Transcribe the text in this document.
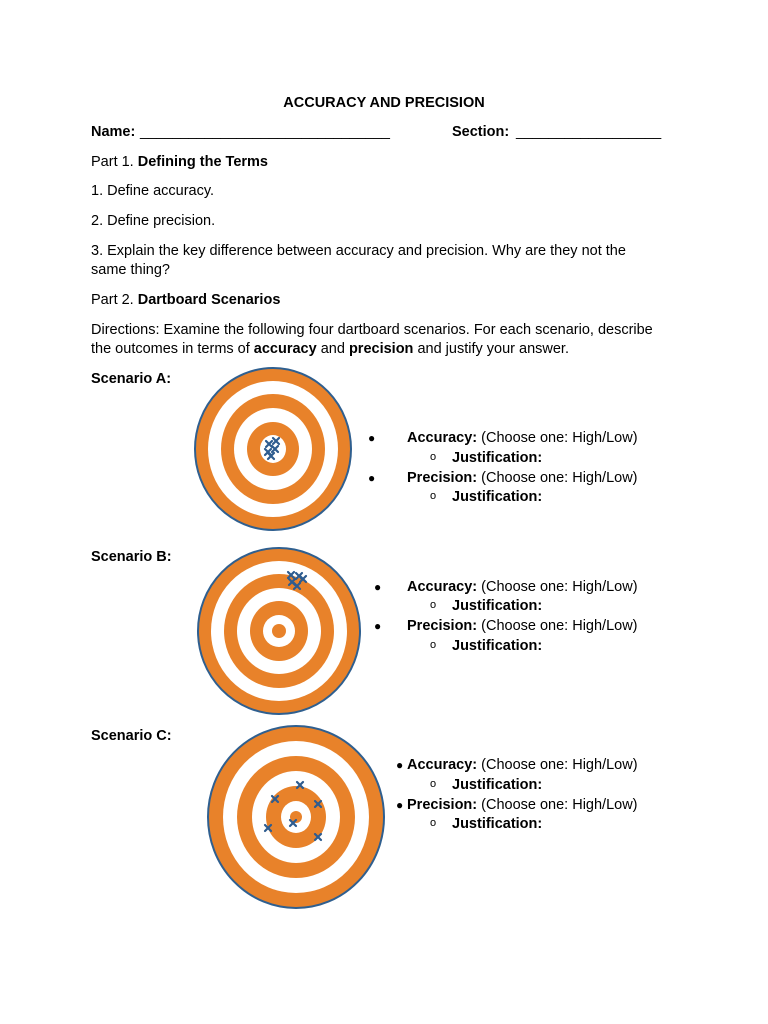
ACCURACY AND PRECISION
Name: _______________________________	Section: __________________
Part 1. Defining the Terms
1. Define accuracy.
2. Define precision.
3. Explain the key difference between accuracy and precision. Why are they not the
same thing?
Part 2. Dartboard Scenarios
Directions: Examine the following four dartboard scenarios. For each scenario, describe
the outcomes in terms of accuracy and precision and justify your answer.
Scenario A:
● Accuracy: (Choose one: High/Low)
o Justification:
● Precision: (Choose one: High/Low)
o Justification:
Scenario B:
● Accuracy: (Choose one: High/Low)
o Justification:
● Precision: (Choose one: High/Low)
o Justification:
Scenario C:
● Accuracy: (Choose one: High/Low)
o Justification:
● Precision: (Choose one: High/Low)
o Justification:
